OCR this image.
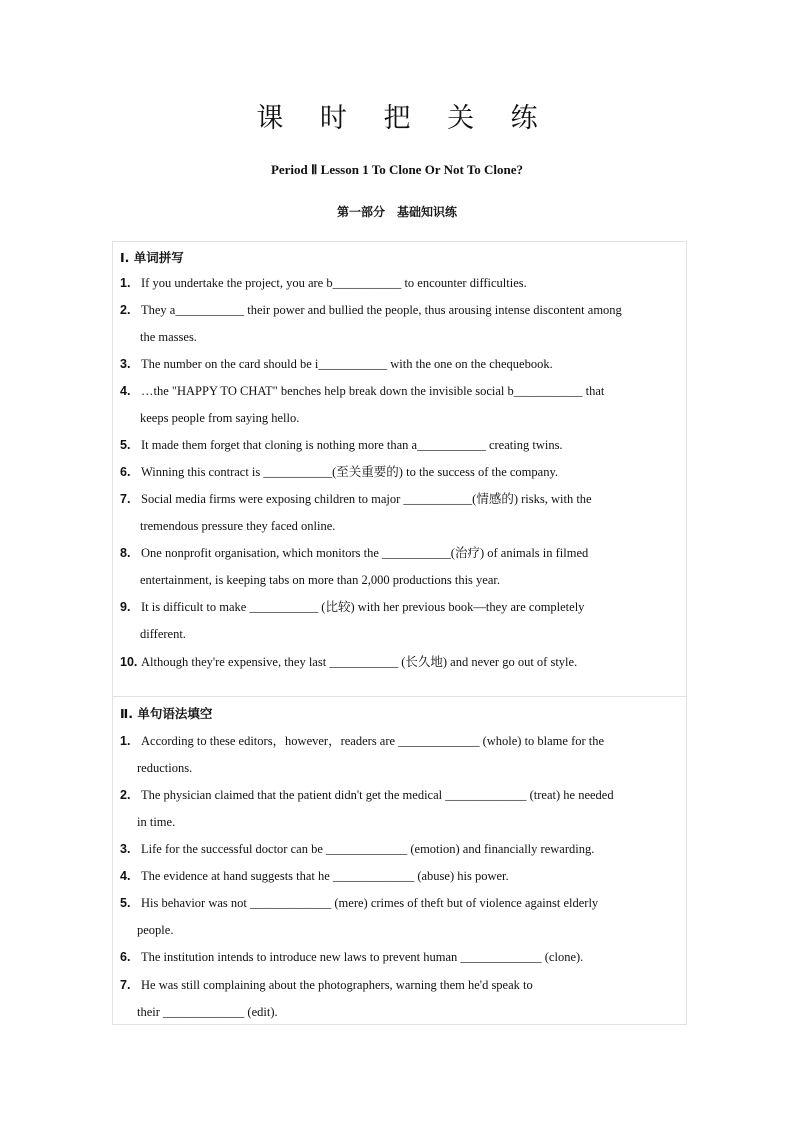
课 时 把 关 练
Period Ⅱ Lesson 1 To Clone Or Not To Clone?
第一部分　基础知识练
Ⅰ. 单词拼写
1. If you undertake the project, you are b___________ to encounter difficulties.
2. They a___________ their power and bullied the people, thus arousing intense discontent among
the masses.
3. The number on the card should be i___________ with the one on the chequebook.
4. …the "HAPPY TO CHAT" benches help break down the invisible social b___________ that
keeps people from saying hello.
5. It made them forget that cloning is nothing more than a___________ creating twins.
6. Winning this contract is ___________(至关重要的) to the success of the company.
7. Social media firms were exposing children to major ___________(情感的) risks, with the
tremendous pressure they faced online.
8. One nonprofit organisation, which monitors the ___________(治疗) of animals in filmed
entertainment, is keeping tabs on more than 2,000 productions this year.
9. It is difficult to make ___________ (比较) with her previous book—they are completely
different.
10. Although they're expensive, they last ___________ (长久地) and never go out of style.
Ⅱ. 单句语法填空
1. According to these editors，however，readers are _____________ (whole) to blame for the
reductions.
2. The physician claimed that the patient didn't get the medical _____________ (treat) he needed
in time.
3. Life for the successful doctor can be _____________ (emotion) and financially rewarding.
4. The evidence at hand suggests that he _____________ (abuse) his power.
5. His behavior was not _____________ (mere) crimes of theft but of violence against elderly
people.
6. The institution intends to introduce new laws to prevent human _____________ (clone).
7. He was still complaining about the photographers, warning them he'd speak to
their _____________ (edit).
